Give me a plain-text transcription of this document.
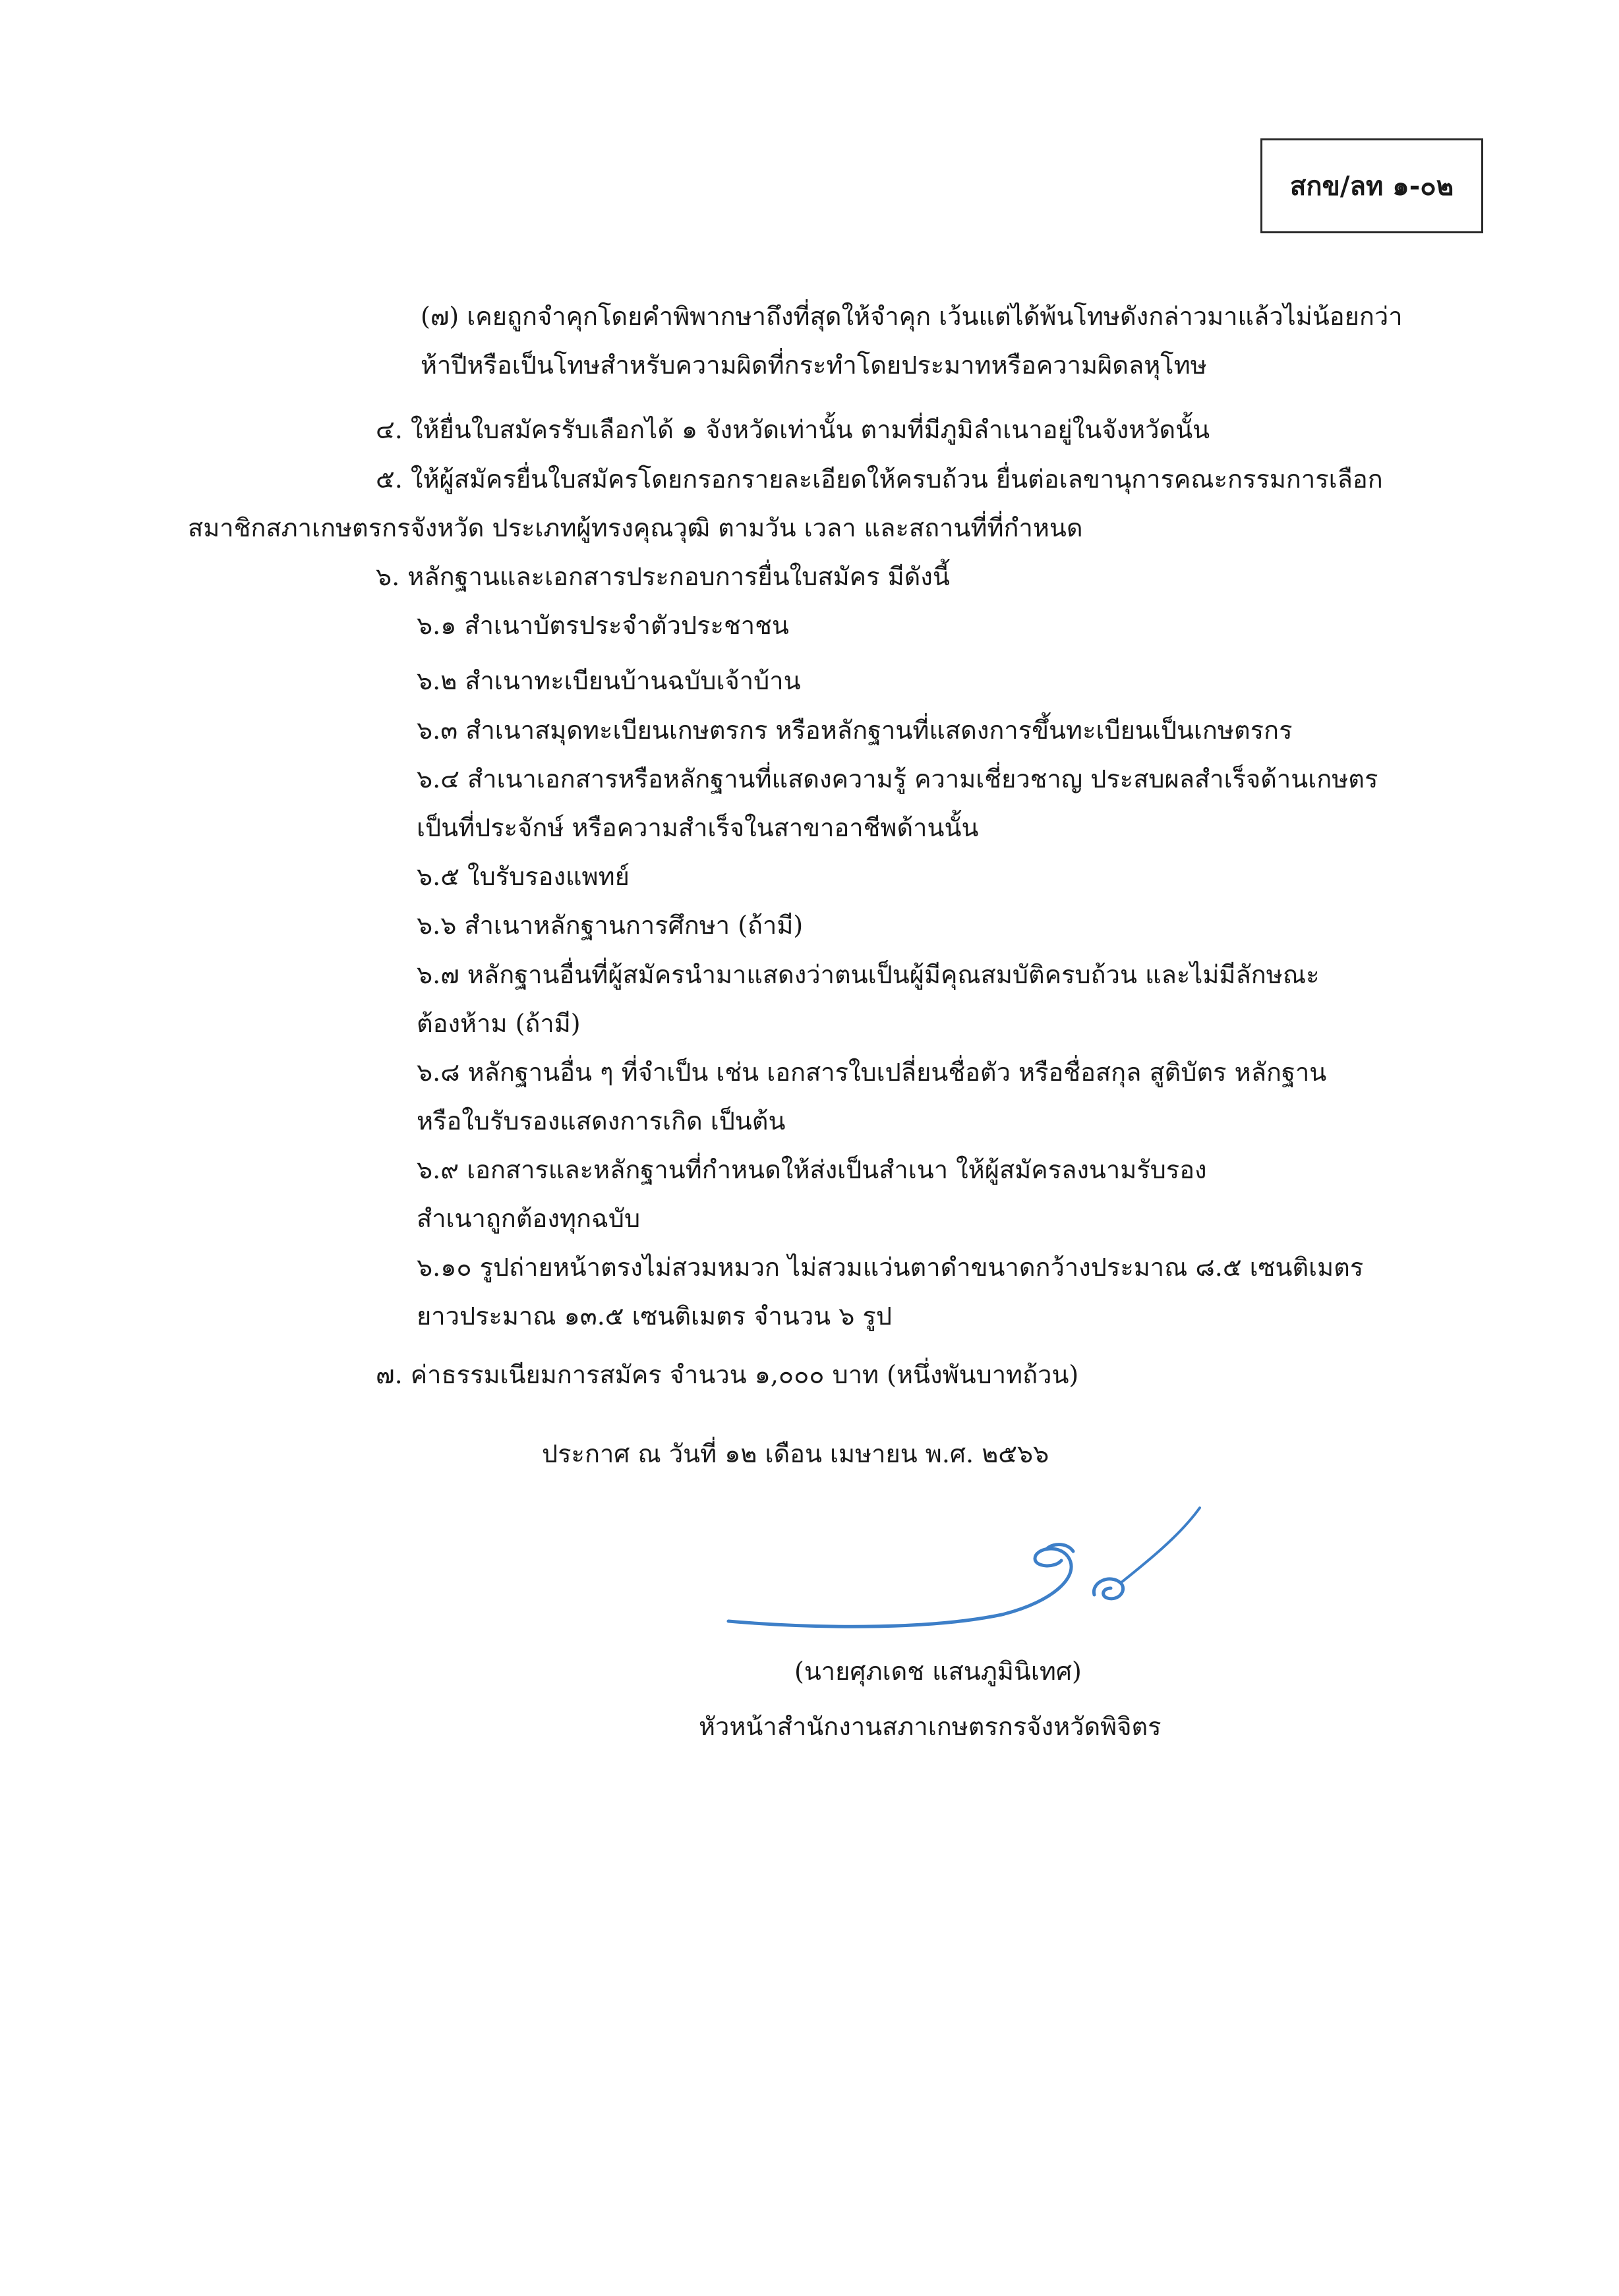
สกข/ลท ๑-๐๒
(๗) เคยถูกจำคุกโดยคำพิพากษาถึงที่สุดให้จำคุก เว้นแต่ได้พ้นโทษดังกล่าวมาแล้วไม่น้อยกว่า
ห้าปีหรือเป็นโทษสำหรับความผิดที่กระทำโดยประมาทหรือความผิดลหุโทษ
๔. ให้ยื่นใบสมัครรับเลือกได้ ๑ จังหวัดเท่านั้น ตามที่มีภูมิลำเนาอยู่ในจังหวัดนั้น
๕. ให้ผู้สมัครยื่นใบสมัครโดยกรอกรายละเอียดให้ครบถ้วน ยื่นต่อเลขานุการคณะกรรมการเลือก
สมาชิกสภาเกษตรกรจังหวัด ประเภทผู้ทรงคุณวุฒิ ตามวัน เวลา และสถานที่ที่กำหนด
๖. หลักฐานและเอกสารประกอบการยื่นใบสมัคร มีดังนี้
๖.๑ สำเนาบัตรประจำตัวประชาชน
๖.๒ สำเนาทะเบียนบ้านฉบับเจ้าบ้าน
๖.๓ สำเนาสมุดทะเบียนเกษตรกร หรือหลักฐานที่แสดงการขึ้นทะเบียนเป็นเกษตรกร
๖.๔ สำเนาเอกสารหรือหลักฐานที่แสดงความรู้ ความเชี่ยวชาญ ประสบผลสำเร็จด้านเกษตร
เป็นที่ประจักษ์ หรือความสำเร็จในสาขาอาชีพด้านนั้น
๖.๕ ใบรับรองแพทย์
๖.๖ สำเนาหลักฐานการศึกษา (ถ้ามี)
๖.๗ หลักฐานอื่นที่ผู้สมัครนำมาแสดงว่าตนเป็นผู้มีคุณสมบัติครบถ้วน และไม่มีลักษณะ
ต้องห้าม (ถ้ามี)
๖.๘ หลักฐานอื่น ๆ ที่จำเป็น เช่น เอกสารใบเปลี่ยนชื่อตัว หรือชื่อสกุล สูติบัตร หลักฐาน
หรือใบรับรองแสดงการเกิด เป็นต้น
๖.๙ เอกสารและหลักฐานที่กำหนดให้ส่งเป็นสำเนา ให้ผู้สมัครลงนามรับรอง
สำเนาถูกต้องทุกฉบับ
๖.๑๐ รูปถ่ายหน้าตรงไม่สวมหมวก ไม่สวมแว่นตาดำขนาดกว้างประมาณ ๘.๕ เซนติเมตร
ยาวประมาณ ๑๓.๕ เซนติเมตร จำนวน ๖ รูป
๗. ค่าธรรมเนียมการสมัคร จำนวน ๑,๐๐๐ บาท (หนึ่งพันบาทถ้วน)
ประกาศ ณ วันที่ ๑๒ เดือน เมษายน พ.ศ. ๒๕๖๖
(นายศุภเดช แสนภูมินิเทศ)
หัวหน้าสำนักงานสภาเกษตรกรจังหวัดพิจิตร
